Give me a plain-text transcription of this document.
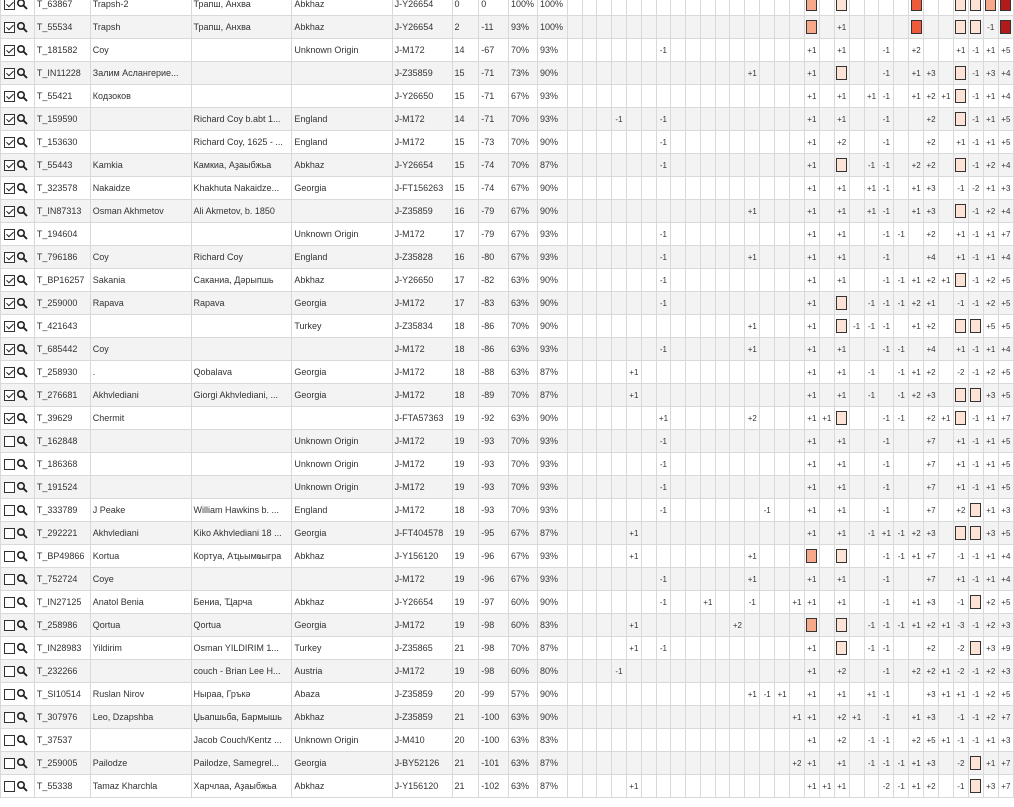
	T_63867	Trapsh-2	Трапш, Анхва	Abkhaz	J-Y26654	0	0	100%	100%																														
	T_55534	Trapsh	Трапш, Анхва	Abkhaz	J-Y26654	2	-11	93%	100%																			+1										-1	
	T_181582	Coy		Unknown Origin	J-M172	14	-67	70%	93%							-1										+1		+1			-1		+2			+1	-1	+1	+5
	T_IN11228	Залим Аслангерие...			J-Z35859	15	-71	73%	90%													+1				+1					-1		+1	+3			-1	+3	+4
	T_55421	Кодзоков			J-Y26650	15	-71	67%	93%																	+1		+1		+1	-1		+1	+2	+1		-1	+1	+4
	T_159590		Richard Coy b.abt 1...	England	J-M172	14	-71	70%	93%				-1			-1										+1		+1			-1			+2			-1	+1	+5
	T_153630		Richard Coy, 1625 - ...	England	J-M172	15	-73	70%	90%							-1										+1		+2			-1			+2		+1	-1	+1	+5
	T_55443	Kamkia	Камкиа, Аҙаыбжьа	Abkhaz	J-Y26654	15	-74	70%	87%							-1										+1				-1	-1		+2	+2			-1	+2	+4
	T_323578	Nakaidze	Khakhuta Nakaidze...	Georgia	J-FT156263	15	-74	67%	90%																	+1		+1		+1	-1		+1	+3		-1	-2	+1	+3
	T_IN87313	Osman Akhmetov	Ali Akmetov, b. 1850		J-Z35859	16	-79	67%	90%													+1				+1		+1		+1	-1		+1	+3			-1	+2	+4
	T_194604			Unknown Origin	J-M172	17	-79	67%	93%							-1										+1		+1			-1	-1		+2		+1	-1	+1	+7
	T_796186	Coy	Richard Coy	England	J-Z35828	16	-80	67%	93%							-1						+1				+1		+1			-1			+4		+1	-1	+1	+4
	T_BP16257	Sakania	Саканиа, Дәрыпшь	Abkhaz	J-Y26650	17	-82	63%	90%							-1										+1		+1			-1	-1	+1	+2	+1		-1	+2	+5
	T_259000	Rapava	Rapava	Georgia	J-M172	17	-83	63%	90%							-1										+1				-1	-1	-1	+2	+1		-1	-1	+2	+5
	T_421643			Turkey	J-Z35834	18	-86	70%	90%													+1				+1			-1	-1	-1		+1	+2				+5	+5
	T_685442	Coy			J-M172	18	-86	63%	93%							-1						+1				+1		+1			-1	-1		+4		+1	-1	+1	+4
	T_258930	.	Qobalava	Georgia	J-M172	18	-88	63%	87%					+1												+1		+1		-1		-1	+1	+2		-2	-1	+2	+5
	T_276681	Akhvlediani	Giorgi Akhvlediani, ...	Georgia	J-M172	18	-89	70%	87%					+1												+1		+1		-1		-1	+2	+3				+3	+5
	T_39629	Chermit			J-FTA57363	19	-92	63%	90%							+1						+2				+1	+1				-1	-1		+2	+1		-1	+1	+7
	T_162848			Unknown Origin	J-M172	19	-93	70%	93%							-1										+1		+1			-1			+7		+1	-1	+1	+5
	T_186368			Unknown Origin	J-M172	19	-93	70%	93%							-1										+1		+1			-1			+7		+1	-1	+1	+5
	T_191524			Unknown Origin	J-M172	19	-93	70%	93%							-1										+1		+1			-1			+7		+1	-1	+1	+5
	T_333789	J Peake	William Hawkins b. ...	England	J-M172	18	-93	70%	93%							-1							-1			+1		+1			-1			+7		+2		+1	+3
	T_292221	Akhvlediani	Kiko Akhvlediani 18 ...	Georgia	J-FT404578	19	-95	67%	87%					+1												+1		+1		-1	+1	-1	+2	+3				+3	+5
	T_BP49866	Kortua	Кортуа, Аҵьымҩыгра	Abkhaz	J-Y156120	19	-96	67%	93%					+1								+1									-1	-1	+1	+7		-1	-1	+1	+4
	T_752724	Coye			J-M172	19	-96	67%	93%							-1						+1				+1		+1			-1			+7		+1	-1	+1	+4
	T_IN27125	Anatol Benia	Бениа, Ҵарча	Abkhaz	J-Y26654	19	-97	60%	90%							-1			+1			-1			+1	+1		+1			-1		+1	+3		-1		+2	+5
	T_258986	Qortua	Qortua	Georgia	J-M172	19	-98	60%	83%					+1							+2									-1	-1	-1	+1	+2	+1	-3	-1	+2	+3
	T_IN28983	Yildirim	Osman YILDIRIM 1...	Turkey	J-Z35865	21	-98	70%	87%					+1		-1										+1				-1	-1			+2		-2		+3	+9
	T_232266		couch - Brian Lee H...	Austria	J-M172	19	-98	60%	80%				-1													+1		+2			-1		+2	+2	+1	-2	-1	+2	+3
	T_SI10514	Ruslan Nirov	Ныраа, Гръкә	Abaza	J-Z35859	20	-99	57%	90%													+1	-1	+1		+1		+1		+1	-1			+3	+1	+1	-1	+2	+5
	T_307976	Leo, Dzapshba	Џьапшьба, Бармышь	Abkhaz	J-Z35859	21	-100	63%	90%																+1	+1		+2	+1		-1		+1	+3		-1	-1	+2	+7
	T_37537		Jacob Couch/Kentz ...	Unknown Origin	J-M410	20	-100	63%	83%																	+1		+2		-1	-1		+2	+5	+1	-1	-1	+1	+3
	T_259005	Pailodze	Pailodze, Samegrel...	Georgia	J-BY52126	21	-101	63%	87%																+2	+1		+1		-1	-1	-1	+1	+3		-2		+1	+7
	T_55338	Tamaz Kharchla	Харчлаа, Аҙаыбжьа	Abkhaz	J-Y156120	21	-102	63%	87%					+1												+1	+1	+1			-2	-1	+1	+2		-1		+3	+7
